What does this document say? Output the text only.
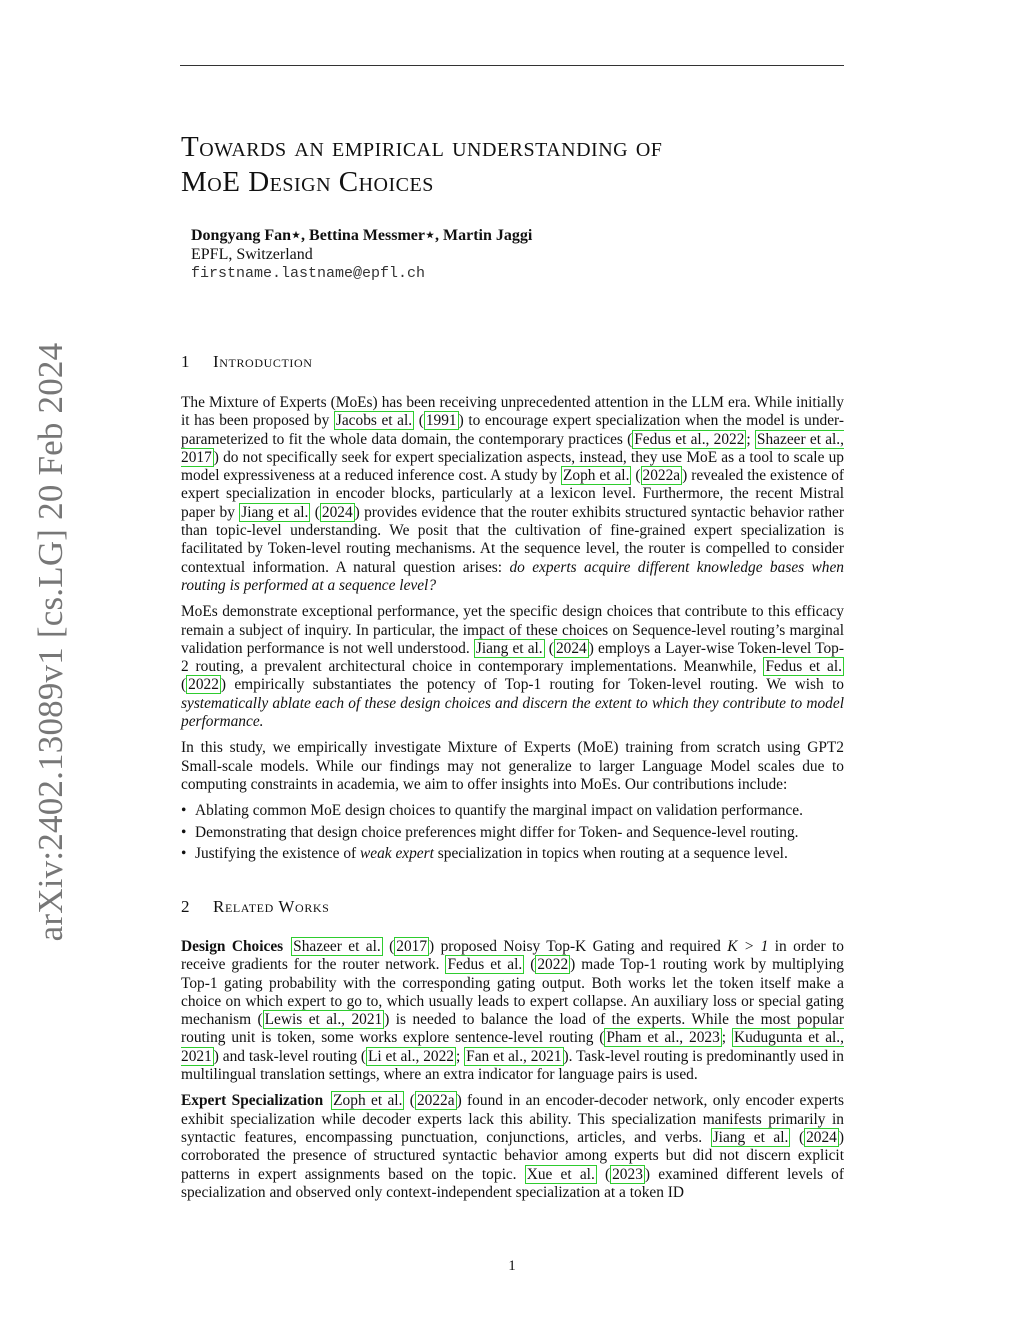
arXiv:2402.13089v1 [cs.LG] 20 Feb 2024
Towards an empirical understanding of
MoE Design Choices
Dongyang Fan⋆, Bettina Messmer⋆, Martin Jaggi
EPFL, Switzerland
firstname.lastname@epfl.ch
1 Introduction

The Mixture of Experts (MoEs) has been receiving unprecedented attention in the LLM era. While initially it has been proposed by Jacobs et al. ( 1991 ) to encourage expert specialization when the model is under-parameterized to fit the whole data domain, the contemporary practices ( Fedus et al., 2022 ; Shazeer et al., 2017 ) do not specifically seek for expert specialization aspects, instead, they use MoE as a tool to scale up model expressiveness at a reduced inference cost. A study by Zoph et al. ( 2022a ) revealed the existence of expert specialization in encoder blocks, particularly at a lexicon level. Furthermore, the recent Mistral paper by Jiang et al. ( 2024 ) provides evidence that the router exhibits structured syntactic behavior rather than topic-level understanding. We posit that the cultivation of fine-grained expert specialization is facilitated by Token-level routing mechanisms. At the sequence level, the router is compelled to consider contextual information. A natural question arises: do experts acquire different knowledge bases when routing is performed at a sequence level?

MoEs demonstrate exceptional performance, yet the specific design choices that contribute to this efficacy remain a subject of inquiry. In particular, the impact of these choices on Sequence-level routing’s marginal validation performance is not well understood. Jiang et al. ( 2024 ) employs a Layer-wise Token-level Top-2 routing, a prevalent architectural choice in contemporary implementations. Meanwhile, Fedus et al. ( 2022 ) empirically substantiates the potency of Top-1 routing for Token-level routing. We wish to systematically ablate each of these design choices and discern the extent to which they contribute to model performance.

In this study, we empirically investigate Mixture of Experts (MoE) training from scratch using GPT2 Small-scale models. While our findings may not generalize to larger Language Model scales due to computing constraints in academia, we aim to offer insights into MoEs. Our contributions include:

• Ablating common MoE design choices to quantify the marginal impact on validation performance.
• Demonstrating that design choice preferences might differ for Token- and Sequence-level routing.
• Justifying the existence of weak expert specialization in topics when routing at a sequence level.
2 Related Works

Design Choices Shazeer et al. ( 2017 ) proposed Noisy Top-K Gating and required K > 1 in order to receive gradients for the router network. Fedus et al. ( 2022 ) made Top-1 routing work by multiplying Top-1 gating probability with the corresponding gating output. Both works let the token itself make a choice on which expert to go to, which usually leads to expert collapse. An auxiliary loss or special gating mechanism ( Lewis et al., 2021 ) is needed to balance the load of the experts. While the most popular routing unit is token, some works explore sentence-level routing ( Pham et al., 2023 ; Kudugunta et al., 2021 ) and task-level routing ( Li et al., 2022 ; Fan et al., 2021 ). Task-level routing is predominantly used in multilingual translation settings, where an extra indicator for language pairs is used.

Expert Specialization Zoph et al. ( 2022a ) found in an encoder-decoder network, only encoder experts exhibit specialization while decoder experts lack this ability. This specialization manifests primarily in syntactic features, encompassing punctuation, conjunctions, articles, and verbs. Jiang et al. ( 2024 ) corroborated the presence of structured syntactic behavior among experts but did not discern explicit patterns in expert assignments based on the topic. Xue et al. ( 2023 ) examined different levels of specialization and observed only context-independent specialization at a token ID

1
